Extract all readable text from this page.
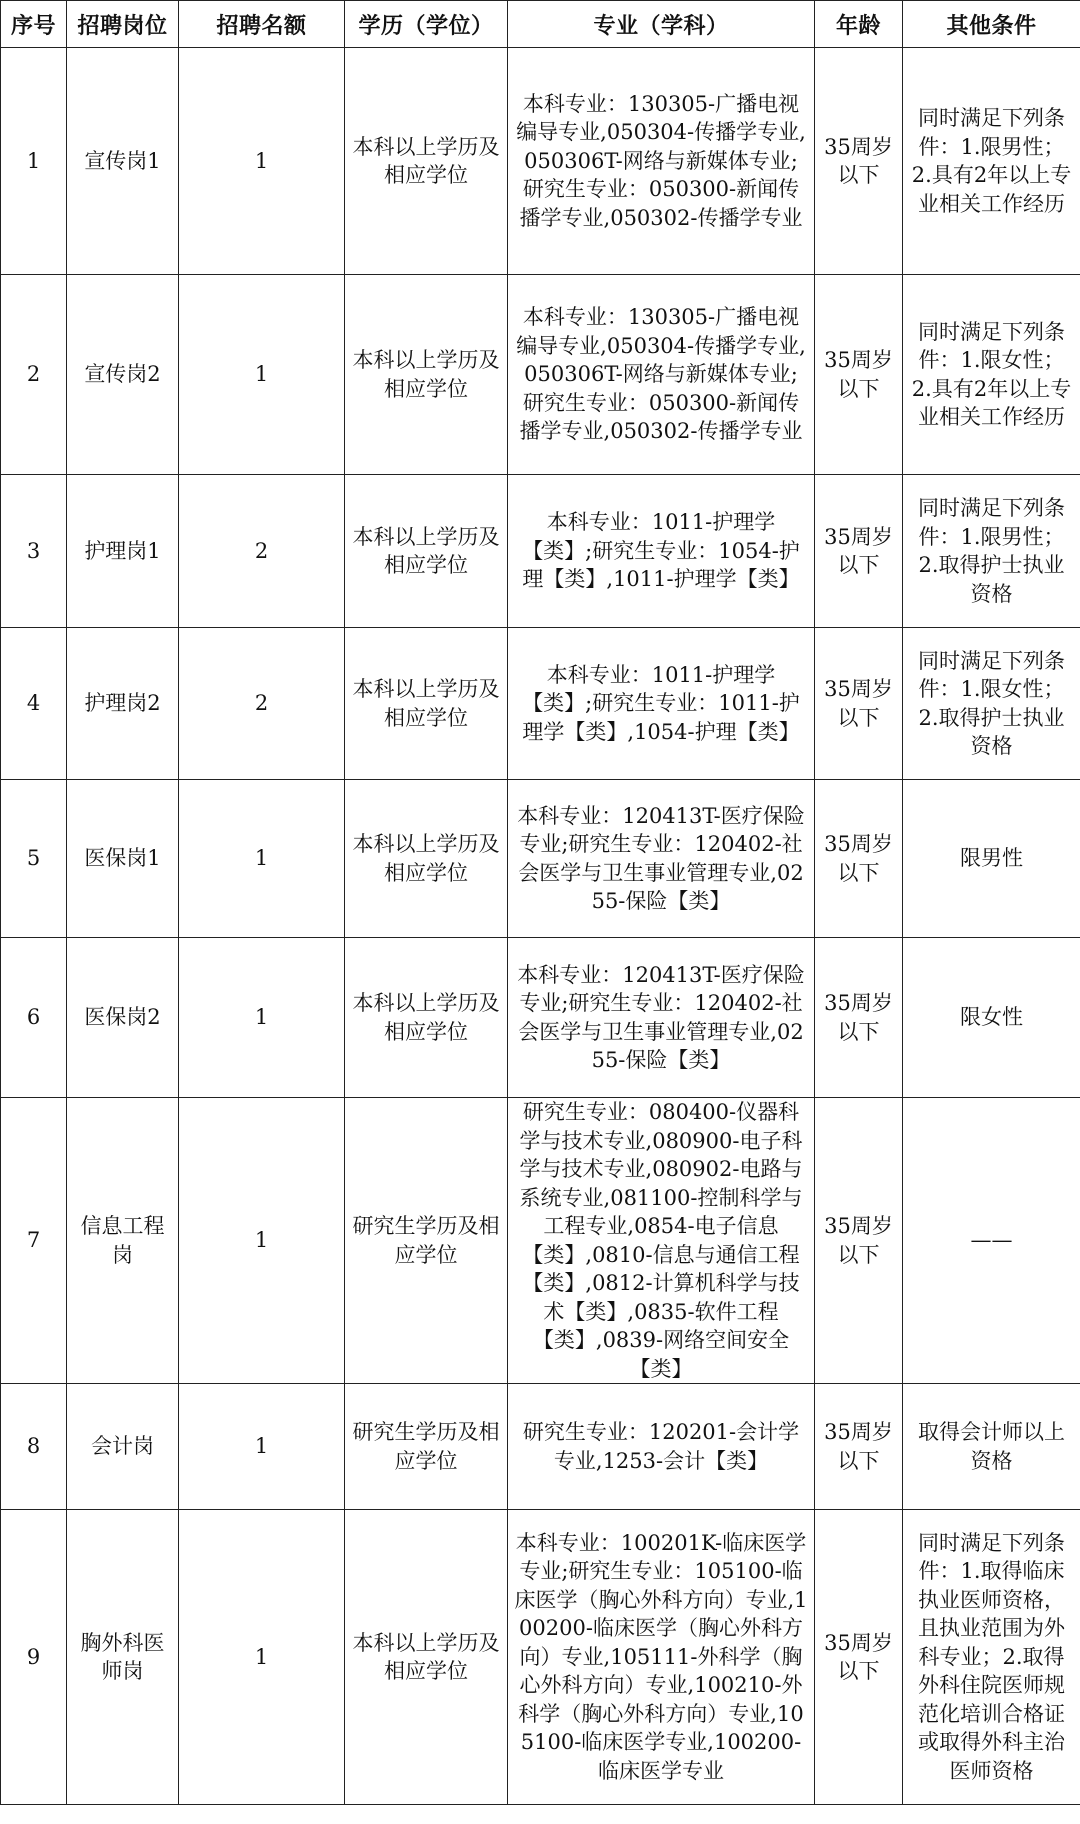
序号	招聘岗位	招聘名额	学历（学位）	专业（学科）	年龄	其他条件
1	宣传岗1	1	本科以上学历及相应学位	本科专业：130305-广播电视编导专业,050304-传播学专业,050306T-网络与新媒体专业;研究生专业：050300-新闻传播学专业,050302-传播学专业	35周岁以下	同时满足下列条件：1.限男性；2.具有2年以上专业相关工作经历
2	宣传岗2	1	本科以上学历及相应学位	本科专业：130305-广播电视编导专业,050304-传播学专业,050306T-网络与新媒体专业;研究生专业：050300-新闻传播学专业,050302-传播学专业	35周岁以下	同时满足下列条件：1.限女性；2.具有2年以上专业相关工作经历
3	护理岗1	2	本科以上学历及相应学位	本科专业：1011-护理学【类】;研究生专业：1054-护理【类】,1011-护理学【类】	35周岁以下	同时满足下列条件：1.限男性；2.取得护士执业资格
4	护理岗2	2	本科以上学历及相应学位	本科专业：1011-护理学【类】;研究生专业：1011-护理学【类】,1054-护理【类】	35周岁以下	同时满足下列条件：1.限女性；2.取得护士执业资格
5	医保岗1	1	本科以上学历及相应学位	本科专业：120413T-医疗保险专业;研究生专业：120402-社会医学与卫生事业管理专业,0255-保险【类】	35周岁以下	限男性
6	医保岗2	1	本科以上学历及相应学位	本科专业：120413T-医疗保险专业;研究生专业：120402-社会医学与卫生事业管理专业,0255-保险【类】	35周岁以下	限女性
7	信息工程岗	1	研究生学历及相应学位	研究生专业：080400-仪器科学与技术专业,080900-电子科学与技术专业,080902-电路与系统专业,081100-控制科学与工程专业,0854-电子信息【类】,0810-信息与通信工程【类】,0812-计算机科学与技术【类】,0835-软件工程【类】,0839-网络空间安全【类】	35周岁以下	——
8	会计岗	1	研究生学历及相应学位	研究生专业：120201-会计学专业,1253-会计【类】	35周岁以下	取得会计师以上资格
9	胸外科医师岗	1	本科以上学历及相应学位	本科专业：100201K-临床医学专业;研究生专业：105100-临床医学（胸心外科方向）专业,100200-临床医学（胸心外科方向）专业,105111-外科学（胸心外科方向）专业,100210-外科学（胸心外科方向）专业,105100-临床医学专业,100200-临床医学专业	35周岁以下	同时满足下列条件：1.取得临床执业医师资格，且执业范围为外科专业；2.取得外科住院医师规范化培训合格证或取得外科主治医师资格
